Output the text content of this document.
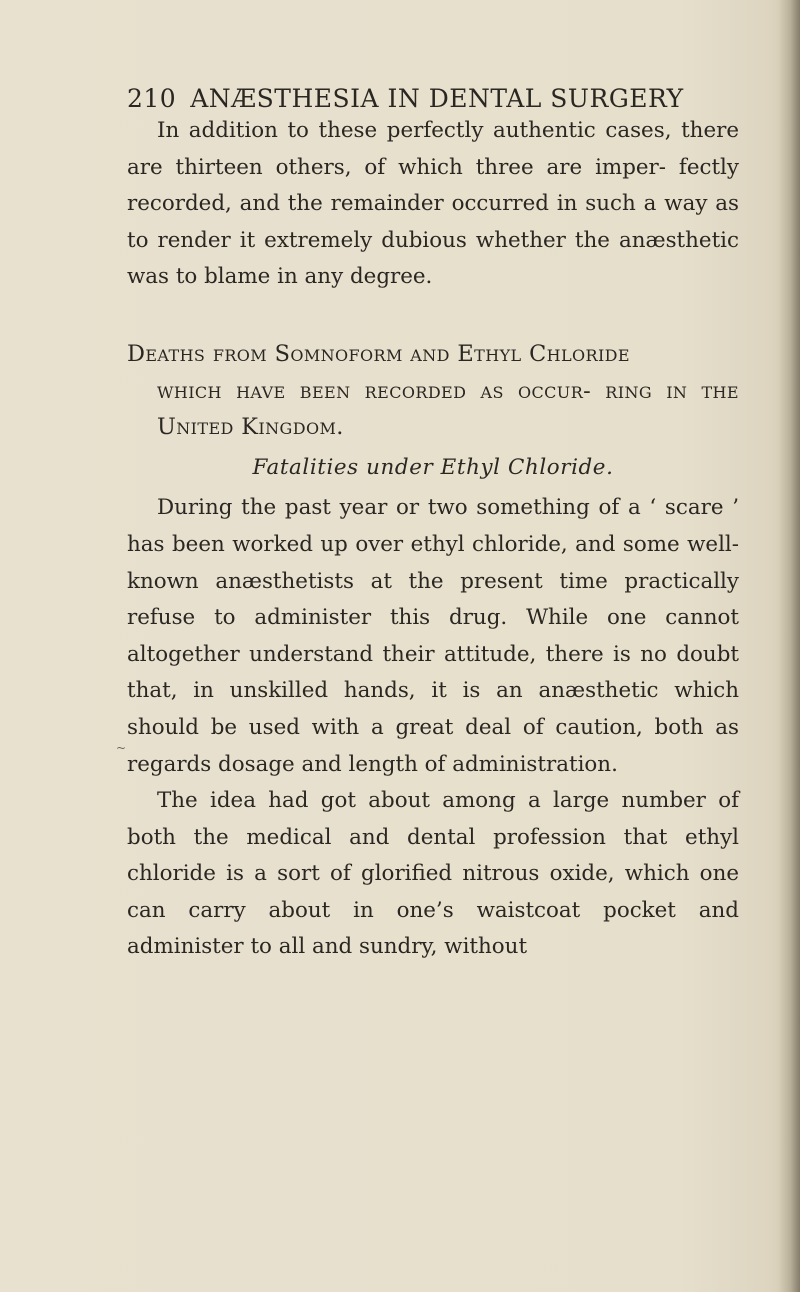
210 ANÆSTHESIA IN DENTAL SURGERY

In addition to these perfectly authentic cases, there are thirteen others, of which three are imper- fectly recorded, and the remainder occurred in such a way as to render it extremely dubious whether the anæsthetic was to blame in any degree.

Deaths from Somnoform and Ethyl Chloride
which have been recorded as occur- ring in the United Kingdom.
Fatalities under Ethyl Chloride.

During the past year or two something of a ‘ scare ’ has been worked up over ethyl chloride, and some well-known anæsthetists at the present time practically refuse to administer this drug. While one cannot altogether understand their attitude, there is no doubt that, in unskilled hands, it is an anæsthetic which should be used with a great deal of caution, both as regards dosage and length of administration.

The idea had got about among a large number of both the medical and dental profession that ethyl chloride is a sort of glorified nitrous oxide, which one can carry about in one’s waistcoat pocket and administer to all and sundry, without

~
